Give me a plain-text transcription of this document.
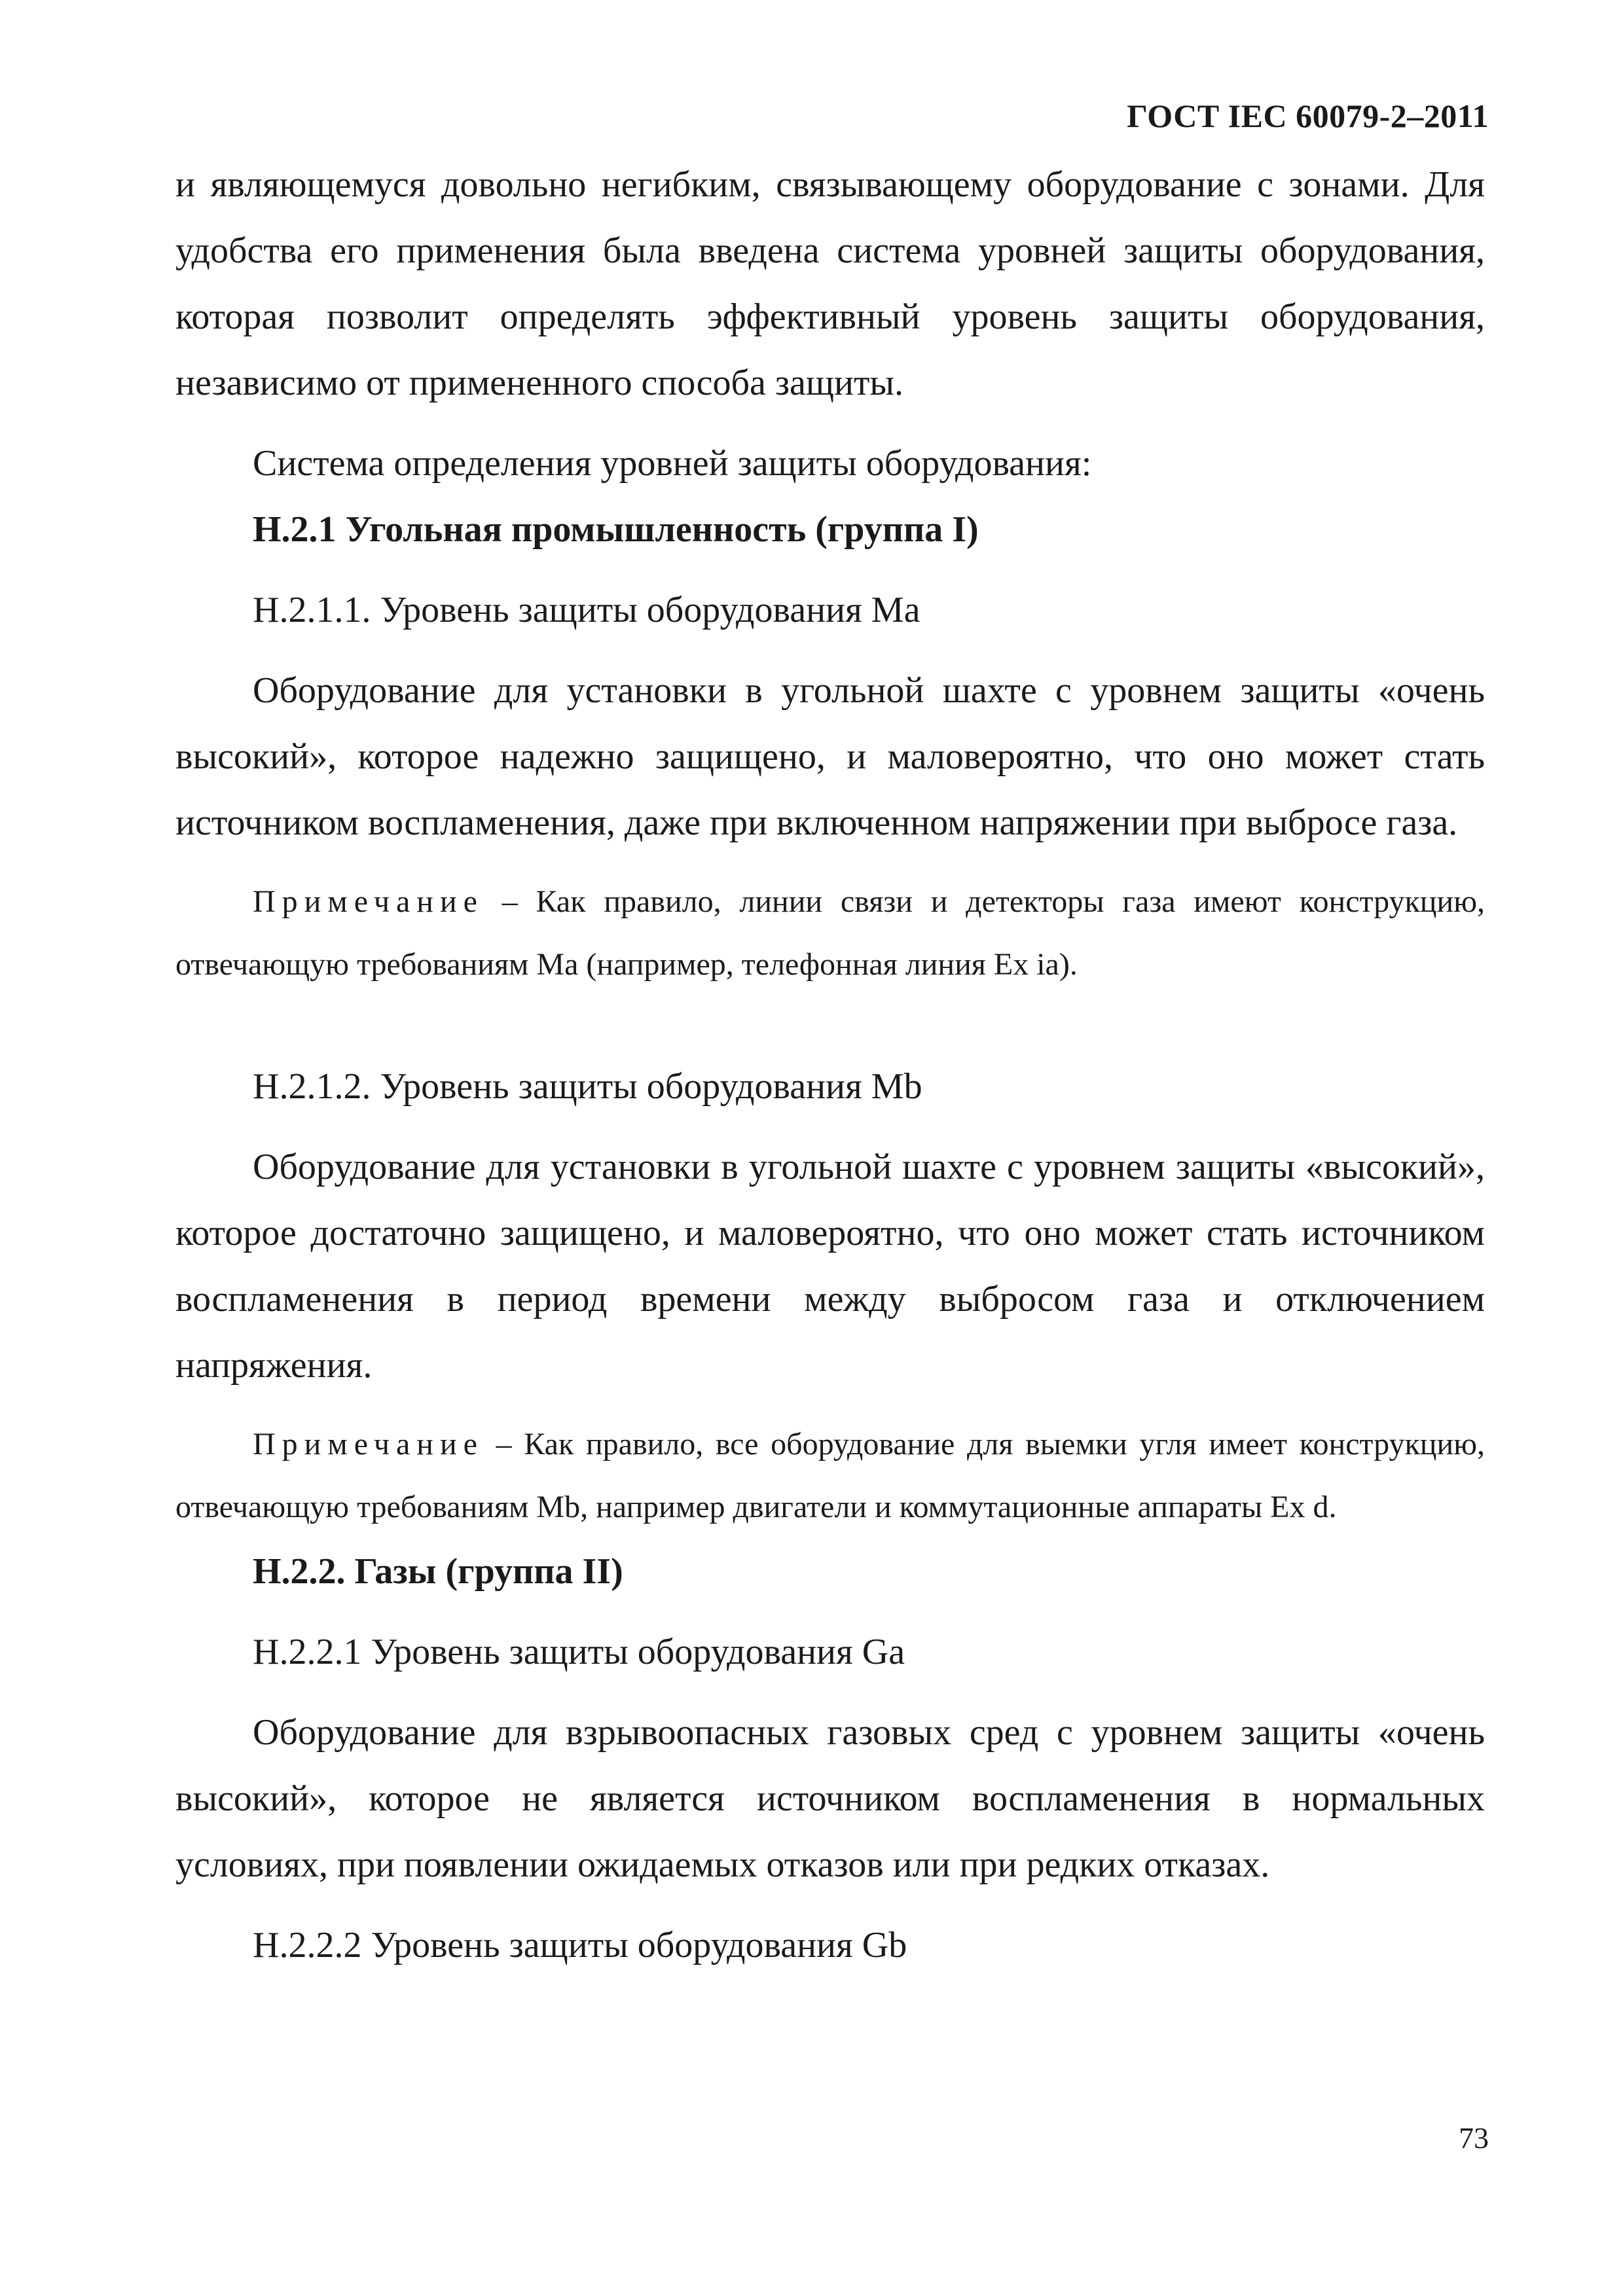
ГОСТ IEC 60079-2–2011

и являющемуся довольно негибким, связывающему оборудование с зонами. Для удобства его применения была введена система уровней защиты оборудования, которая позволит определять эффективный уровень защиты оборудования, независимо от примененного способа защиты.

Система определения уровней защиты оборудования:

Н.2.1 Угольная промышленность (группа I)

Н.2.1.1. Уровень защиты оборудования Ма

Оборудование для установки в угольной шахте с уровнем защиты «очень высокий», которое надежно защищено, и маловероятно, что оно может стать источником воспламенения, даже при включенном напряжении при выбросе газа.

Примечание – Как правило, линии связи и детекторы газа имеют конструкцию, отвечающую требованиям Ма (например, телефонная линия Ex ia).

Н.2.1.2. Уровень защиты оборудования Mb

Оборудование для установки в угольной шахте с уровнем защиты «высокий», которое достаточно защищено, и маловероятно, что оно может стать источником воспламенения в период времени между выбросом газа и отключением напряжения.

Примечание – Как правило, все оборудование для выемки угля имеет конструкцию, отвечающую требованиям Mb, например двигатели и коммутационные аппараты Ex d.

Н.2.2. Газы (группа II)

Н.2.2.1 Уровень защиты оборудования Ga

Оборудование для взрывоопасных газовых сред с уровнем защиты «очень высокий», которое не является источником воспламенения в нормальных условиях, при появлении ожидаемых отказов или при редких отказах.

Н.2.2.2 Уровень защиты оборудования Gb

73
